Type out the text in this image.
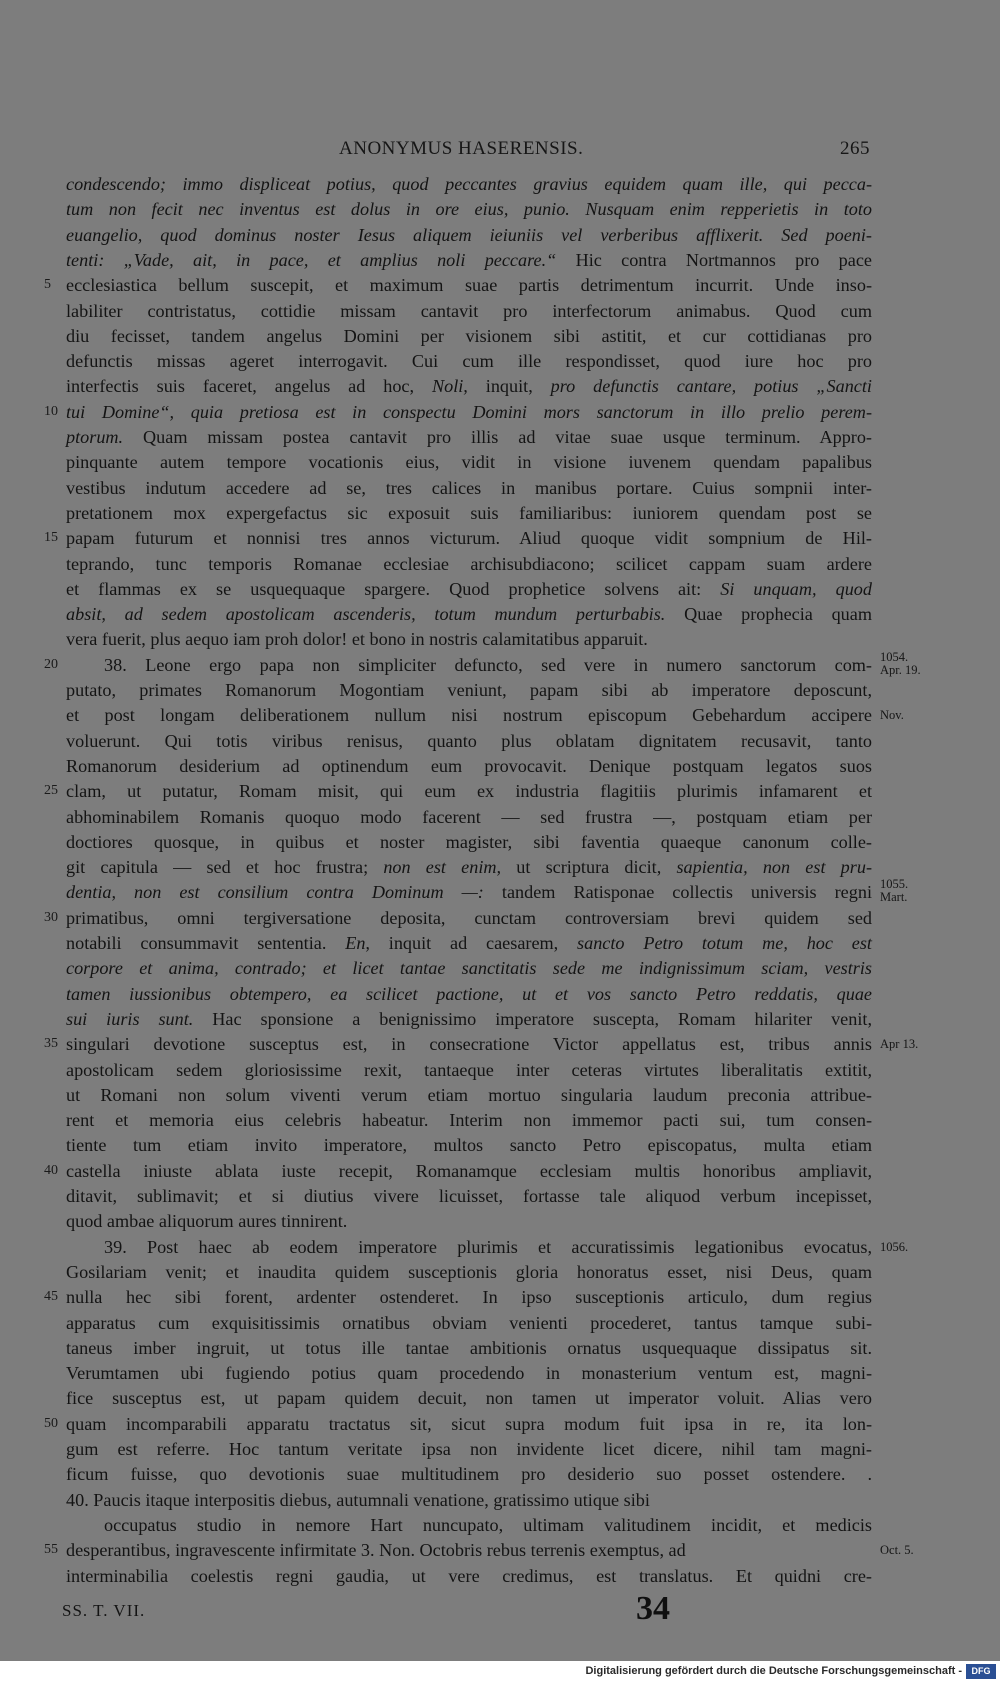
ANONYMUS HASERENSIS.	265
condescendo; immo displiceat potius, quod peccantes gravius equidem quam ille, qui pecca-
tum non fecit nec inventus est dolus in ore eius, punio. Nusquam enim repperietis in toto
euangelio, quod dominus noster Iesus aliquem ieiuniis vel verberibus afflixerit. Sed poeni-
tenti: „Vade, ait, in pace, et amplius noli peccare.“ Hic contra Nortmannos pro pace
ecclesiastica bellum suscepit, et maximum suae partis detrimentum incurrit. Unde inso-
labiliter contristatus, cottidie missam cantavit pro interfectorum animabus. Quod cum
diu fecisset, tandem angelus Domini per visionem sibi astitit, et cur cottidianas pro
defunctis missas ageret interrogavit. Cui cum ille respondisset, quod iure hoc pro
interfectis suis faceret, angelus ad hoc, Noli, inquit, pro defunctis cantare, potius „Sancti
tui Domine“, quia pretiosa est in conspectu Domini mors sanctorum in illo prelio perem-
ptorum. Quam missam postea cantavit pro illis ad vitae suae usque terminum. Appro-
pinquante autem tempore vocationis eius, vidit in visione iuvenem quendam papalibus
vestibus indutum accedere ad se, tres calices in manibus portare. Cuius sompnii inter-
pretationem mox expergefactus sic exposuit suis familiaribus: iuniorem quendam post se
papam futurum et nonnisi tres annos victurum. Aliud quoque vidit sompnium de Hil-
teprando, tunc temporis Romanae ecclesiae archisubdiacono; scilicet cappam suam ardere
et flammas ex se usquequaque spargere. Quod prophetice solvens ait: Si unquam, quod
absit, ad sedem apostolicam ascenderis, totum mundum perturbabis. Quae prophecia quam
vera fuerit, plus aequo iam proh dolor! et bono in nostris calamitatibus apparuit.
38. Leone ergo papa non simpliciter defuncto, sed vere in numero sanctorum com-
putato, primates Romanorum Mogontiam veniunt, papam sibi ab imperatore deposcunt,
et post longam deliberationem nullum nisi nostrum episcopum Gebehardum accipere
voluerunt. Qui totis viribus renisus, quanto plus oblatam dignitatem recusavit, tanto
Romanorum desiderium ad optinendum eum provocavit. Denique postquam legatos suos
clam, ut putatur, Romam misit, qui eum ex industria flagitiis plurimis infamarent et
abhominabilem Romanis quoquo modo facerent — sed frustra —, postquam etiam per
doctiores quosque, in quibus et noster magister, sibi faventia quaeque canonum colle-
git capitula — sed et hoc frustra; non est enim, ut scriptura dicit, sapientia, non est pru-
dentia, non est consilium contra Dominum —: tandem Ratisponae collectis universis regni
primatibus, omni tergiversatione deposita, cunctam controversiam brevi quidem sed
notabili consummavit sententia. En, inquit ad caesarem, sancto Petro totum me, hoc est
corpore et anima, contrado; et licet tantae sanctitatis sede me indignissimum sciam, vestris
tamen iussionibus obtempero, ea scilicet pactione, ut et vos sancto Petro reddatis, quae
sui iuris sunt. Hac sponsione a benignissimo imperatore suscepta, Romam hilariter venit,
singulari devotione susceptus est, in consecratione Victor appellatus est, tribus annis
apostolicam sedem gloriosissime rexit, tantaeque inter ceteras virtutes liberalitatis extitit,
ut Romani non solum viventi verum etiam mortuo singularia laudum preconia attribue-
rent et memoria eius celebris habeatur. Interim non immemor pacti sui, tum consen-
tiente tum etiam invito imperatore, multos sancto Petro episcopatus, multa etiam
castella iniuste ablata iuste recepit, Romanamque ecclesiam multis honoribus ampliavit,
ditavit, sublimavit; et si diutius vivere licuisset, fortasse tale aliquod verbum incepisset,
quod ambae aliquorum aures tinnirent.
39. Post haec ab eodem imperatore plurimis et accuratissimis legationibus evocatus,
Gosilariam venit; et inaudita quidem susceptionis gloria honoratus esset, nisi Deus, quam
nulla hec sibi forent, ardenter ostenderet. In ipso susceptionis articulo, dum regius
apparatus cum exquisitissimis ornatibus obviam venienti procederet, tantus tamque subi-
taneus imber ingruit, ut totus ille tantae ambitionis ornatus usquequaque dissipatus sit.
Verumtamen ubi fugiendo potius quam procedendo in monasterium ventum est, magni-
fice susceptus est, ut papam quidem decuit, non tamen ut imperator voluit. Alias vero
quam incomparabili apparatu tractatus sit, sicut supra modum fuit ipsa in re, ita lon-
gum est referre. Hoc tantum veritate ipsa non invidente licet dicere, nihil tam magni-
ficum fuisse, quo devotionis suae multitudinem pro desiderio suo posset ostendere. .
40. Paucis itaque interpositis diebus, autumnali venatione, gratissimo utique sibi
occupatus studio in nemore Hart nuncupato, ultimam valitudinem incidit, et medicis
desperantibus, ingravescente infirmitate 3. Non. Octobris rebus terrenis exemptus, ad
interminabilia coelestis regni gaudia, ut vere credimus, est translatus. Et quidni cre-
5
10
15
20
25
30
35
40
45
50
55
1054.
Apr. 19.
Nov.
1055.
Mart.
Apr 13.
1056.
Oct. 5.
SS. T. VII.	34
Digitalisierung gefördert durch die Deutsche Forschungsgemeinschaft -	DFG
